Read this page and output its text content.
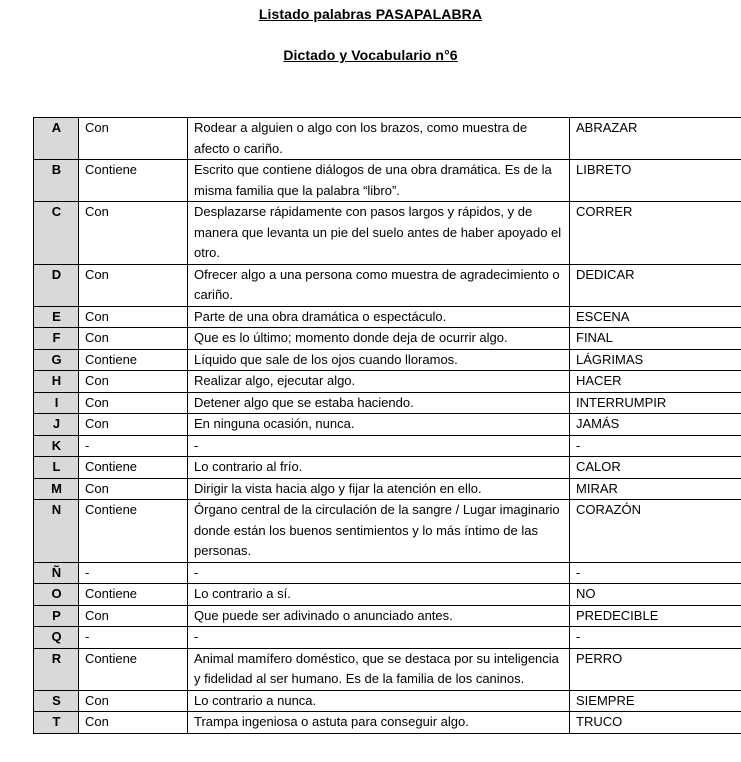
Listado palabras PASAPALABRA
Dictado y Vocabulario n°6
A	Con	Rodear a alguien o algo con los brazos, como muestra de afecto o cariño.	ABRAZAR

B	Contiene	Escrito que contiene diálogos de una obra dramática. Es de la misma familia que la palabra “libro”.	LIBRETO

C	Con	Desplazarse rápidamente con pasos largos y rápidos, y de manera que levanta un pie del suelo antes de haber apoyado el otro.	CORRER

D	Con	Ofrecer algo a una persona como muestra de agradecimiento o cariño.	DEDICAR

E	Con	Parte de una obra dramática o espectáculo.	ESCENA

F	Con	Que es lo último; momento donde deja de ocurrir algo.	FINAL

G	Contiene	Líquido que sale de los ojos cuando lloramos.	LÁGRIMAS

H	Con	Realizar algo, ejecutar algo.	HACER

I	Con	Detener algo que se estaba haciendo.	INTERRUMPIR

J	Con	En ninguna ocasión, nunca.	JAMÁS

K	-	-	-

L	Contiene	Lo contrario al frío.	CALOR

M	Con	Dirigir la vista hacia algo y fijar la atención en ello.	MIRAR

N	Contiene	Órgano central de la circulación de la sangre / Lugar imaginario donde están los buenos sentimientos y lo más íntimo de las personas.	CORAZÓN

Ñ	-	-	-

O	Contiene	Lo contrario a sí.	NO

P	Con	Que puede ser adivinado o anunciado antes.	PREDECIBLE

Q	-	-	-

R	Contiene	Animal mamífero doméstico, que se destaca por su inteligencia y fidelidad al ser humano. Es de la familia de los caninos.	PERRO

S	Con	Lo contrario a nunca.	SIEMPRE

T	Con	Trampa ingeniosa o astuta para conseguir algo.	TRUCO
